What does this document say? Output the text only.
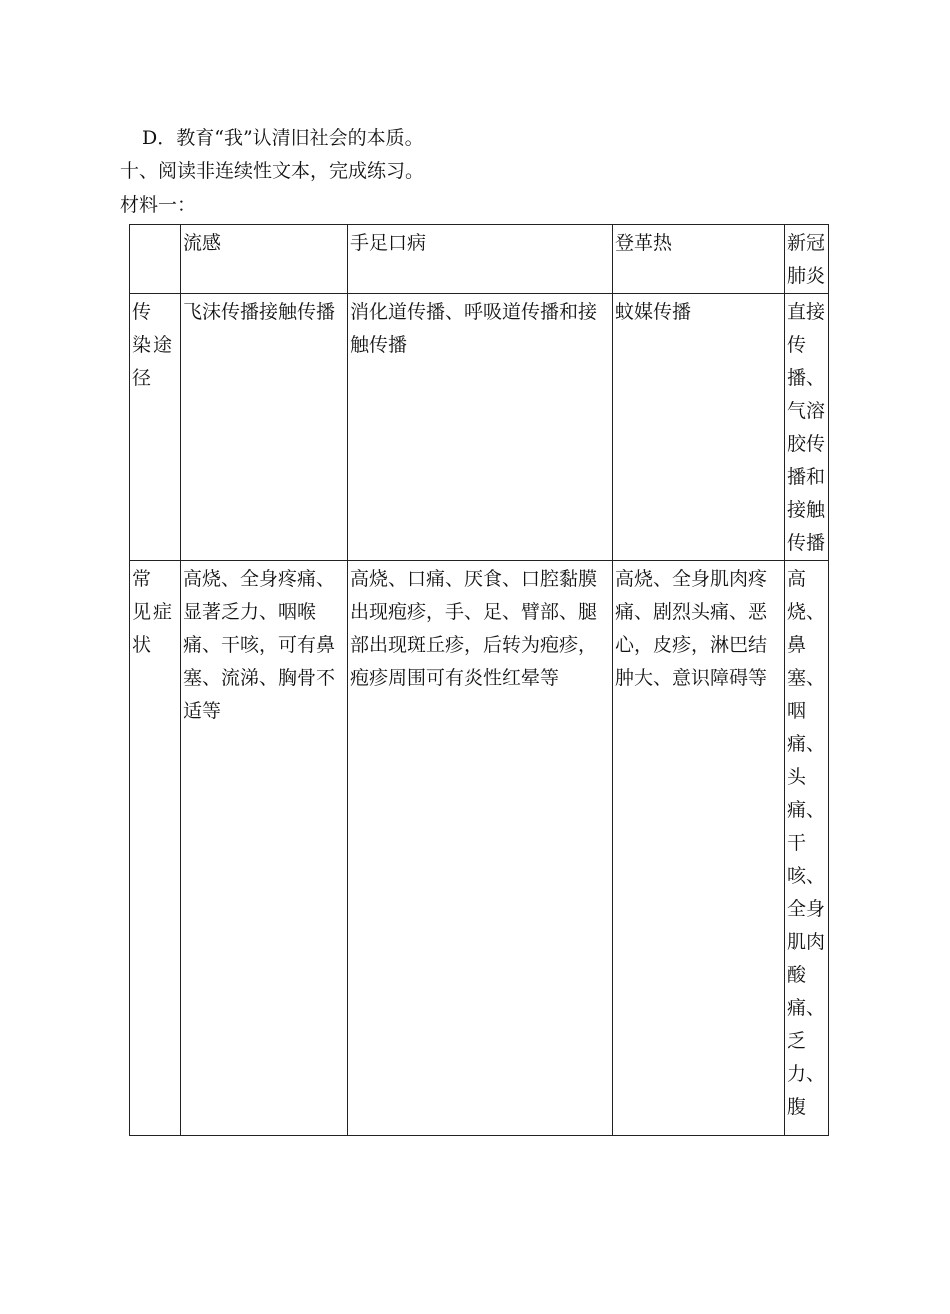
D．教育“我”认清旧社会的本质。
十、阅读非连续性文本，完成练习。
材料一：
	流感	手足口病	登革热	新冠肺炎
传 染途径	飞沫传播接触传播	消化道传播、呼吸道传播和接触传播	蚊媒传播	直接传播、气溶胶传播和接触传播
常 见症状	高烧、全身疼痛、显著乏力、咽喉痛、干咳，可有鼻塞、流涕、胸骨不适等	高烧、口痛、厌食、口腔黏膜出现疱疹，手、足、臂部、腿部出现斑丘疹，后转为疱疹，疱疹周围可有炎性红晕等	高烧、全身肌肉疼痛、剧烈头痛、恶心，皮疹，淋巴结肿大、意识障碍等	高烧、鼻塞、咽痛、头痛、干咳、全身肌肉酸痛、乏力、腹
